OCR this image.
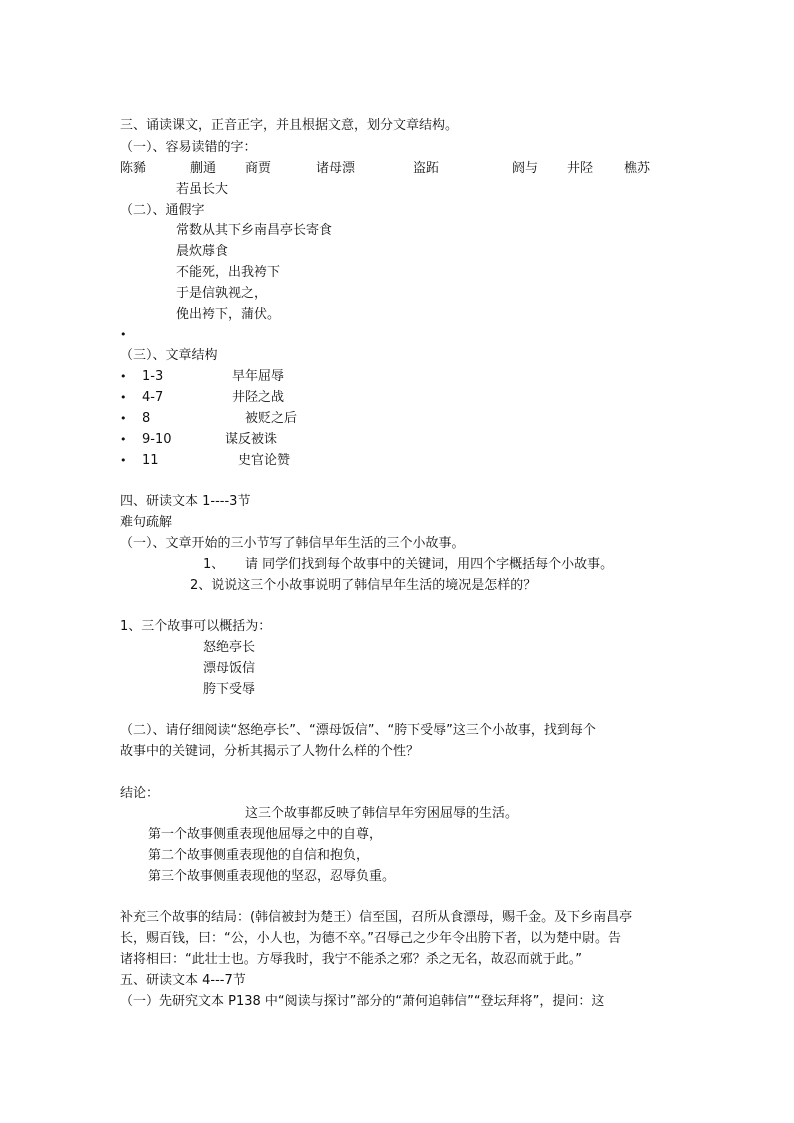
三、诵读课文，正音正字，并且根据文意，划分文章结构。
（一）、容易读错的字：
陈豨	蒯通 商贾	诸母漂	盗跖	阏与 井陉 樵苏
若虽长大
（二）、通假字
常数从其下乡南昌亭长寄食
晨炊蓐食
不能死，出我袴下
于是信孰视之，
俛出袴下，蒲伏。
•
（三）、文章结构
• 1-3	早年屈辱
• 4-7	井陉之战
• 8	被贬之后
• 9-10	谋反被诛
• 11	史官论赞
四、研读文本 1----3节
难句疏解
（一）、文章开始的三小节写了韩信早年生活的三个小故事。
1、 请 同学们找到每个故事中的关键词，用四个字概括每个小故事。
2、说说这三个小故事说明了韩信早年生活的境况是怎样的？
1、三个故事可以概括为：
怒绝亭长
漂母饭信
胯下受辱
（二）、请仔细阅读“怒绝亭长”、“漂母饭信”、“胯下受辱”这三个小故事，找到每个
故事中的关键词，分析其揭示了人物什么样的个性？
结论：
这三个故事都反映了韩信早年穷困屈辱的生活。
第一个故事侧重表现他屈辱之中的自尊，
第二个故事侧重表现他的自信和抱负，
第三个故事侧重表现他的坚忍，忍辱负重。
补充三个故事的结局：(韩信被封为楚王）信至国，召所从食漂母，赐千金。及下乡南昌亭
长，赐百钱，曰：“公，小人也，为德不卒。”召辱己之少年令出胯下者，以为楚中尉。告
诸将相曰：“此壮士也。方辱我时，我宁不能杀之邪？杀之无名，故忍而就于此。”
五、研读文本 4---7节
（一）先研究文本 P138 中“阅读与探讨”部分的“萧何追韩信”“登坛拜将”，提问：这
